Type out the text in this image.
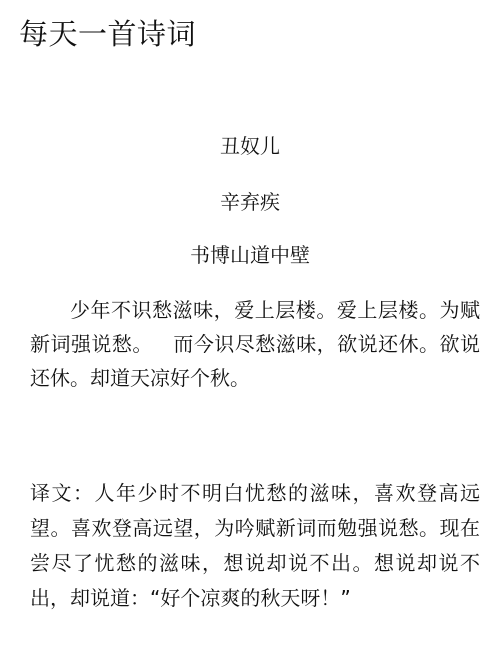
每天一首诗词
丑奴儿
辛弃疾
书博山道中壁
少年不识愁滋味，爱上层楼。爱上层楼。为赋新词强说愁。   而今识尽愁滋味，欲说还休。欲说还休。却道天凉好个秋。
译文：人年少时不明白忧愁的滋味，喜欢登高远望。喜欢登高远望，为吟赋新词而勉强说愁。现在尝尽了忧愁的滋味，想说却说不出。想说却说不出，却说道：“好个凉爽的秋天呀！”
